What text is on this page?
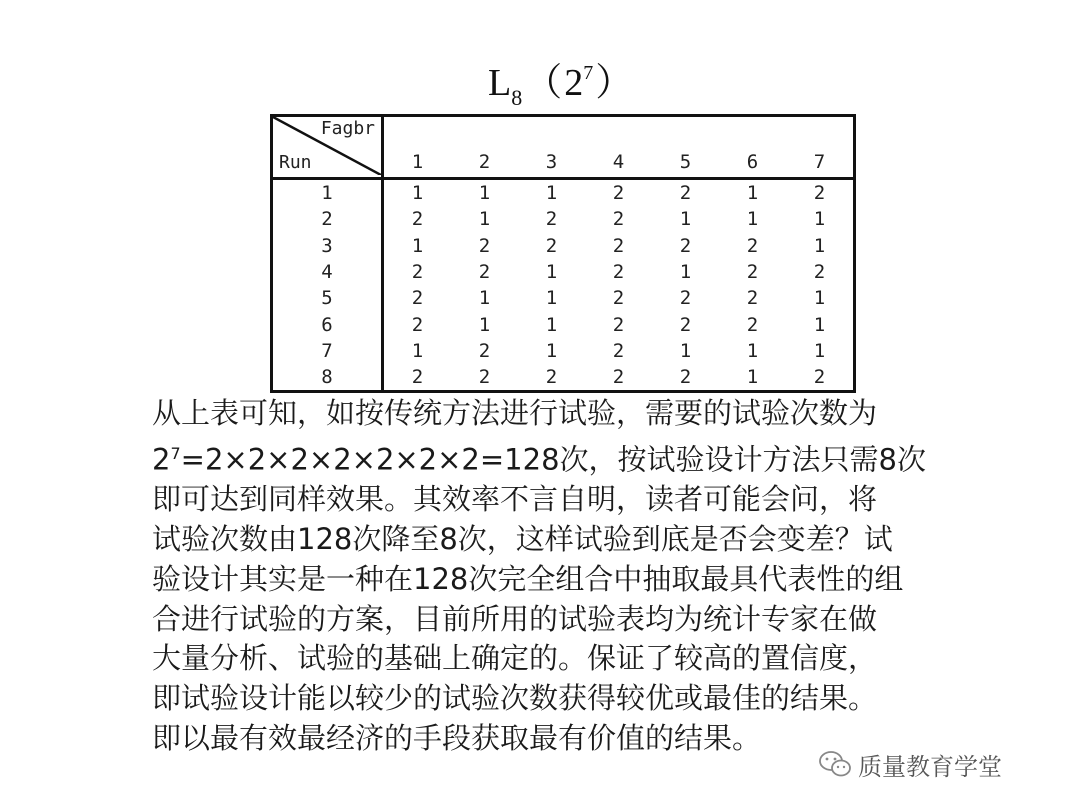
$L_8(2^7)$
Fagbr
Run	1	2	3	4	5	6	7
1	1	1	1	2	2	1	2
2	2	1	2	2	1	1	1
3	1	2	2	2	2	2	1
4	2	2	1	2	1	2	2
5	2	1	1	2	2	2	1
6	2	1	1	2	2	2	1
7	1	2	1	2	1	1	1
8	2	2	2	2	2	1	2
从上表可知，如按传统方法进行试验，需要的试验次数为
$2^7=2\times 2\times 2\times 2\times 2\times 2\times 2=128$次，按试验设计方法只需8次
即可达到同样效果。其效率不言自明，读者可能会问，将
试验次数由128次降至8次，这样试验到底是否会变差？试
验设计其实是一种在128次完全组合中抽取最具代表性的组
合进行试验的方案，目前所用的试验表均为统计专家在做
大量分析、试验的基础上确定的。保证了较高的置信度，
即试验设计能以较少的试验次数获得较优或最佳的结果。
即以最有效最经济的手段获取最有价值的结果。
质量教育学堂
